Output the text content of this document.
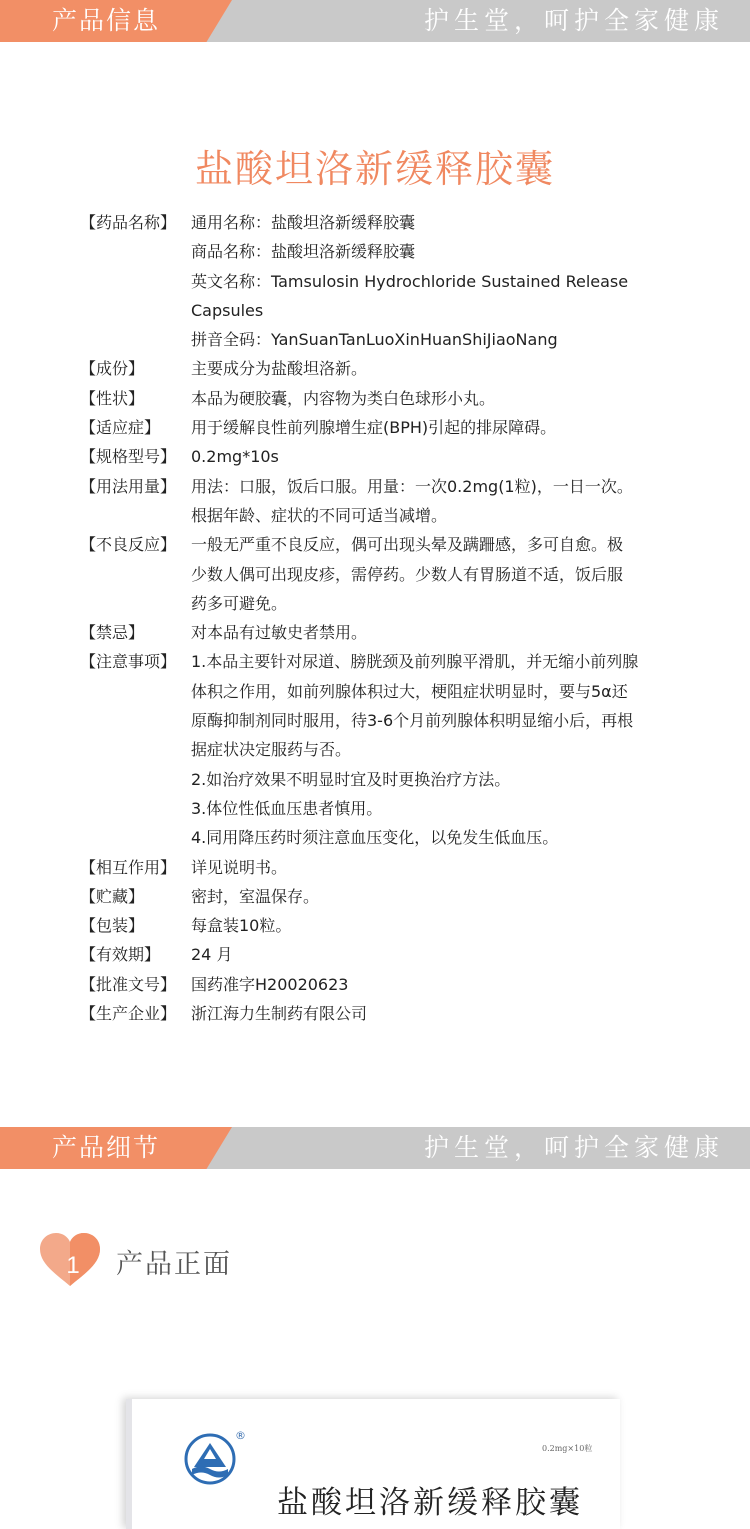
产品信息	护生堂，呵护全家健康
盐酸坦洛新缓释胶囊
【药品名称】 通用名称：盐酸坦洛新缓释胶囊
商品名称：盐酸坦洛新缓释胶囊
英文名称：Tamsulosin Hydrochloride Sustained Release
Capsules
拼音全码：YanSuanTanLuoXinHuanShiJiaoNang
【成份】	主要成分为盐酸坦洛新。
【性状】	本品为硬胶囊，内容物为类白色球形小丸。
【适应症】	用于缓解良性前列腺增生症(BPH)引起的排尿障碍。
【规格型号】 0.2mg*10s
【用法用量】 用法：口服，饭后口服。用量：一次0.2mg(1粒)，一日一次。
根据年龄、症状的不同可适当减增。
【不良反应】 一般无严重不良反应，偶可出现头晕及蹒跚感，多可自愈。极
少数人偶可出现皮疹，需停药。少数人有胃肠道不适，饭后服
药多可避免。
【禁忌】	对本品有过敏史者禁用。
【注意事项】 1.本品主要针对尿道、膀胱颈及前列腺平滑肌，并无缩小前列腺
体积之作用，如前列腺体积过大，梗阻症状明显时，要与5α还
原酶抑制剂同时服用，待3-6个月前列腺体积明显缩小后，再根
据症状决定服药与否。
2.如治疗效果不明显时宜及时更换治疗方法。
3.体位性低血压患者慎用。
4.同用降压药时须注意血压变化，以免发生低血压。
【相互作用】 详见说明书。
【贮藏】	密封，室温保存。
【包装】	每盒装10粒。
【有效期】	24 月
【批准文号】 国药准字H20020623
【生产企业】 浙江海力生制药有限公司
产品细节	护生堂，呵护全家健康
1 产品正面
®
0.2mg×10粒
盐酸坦洛新缓释胶囊
